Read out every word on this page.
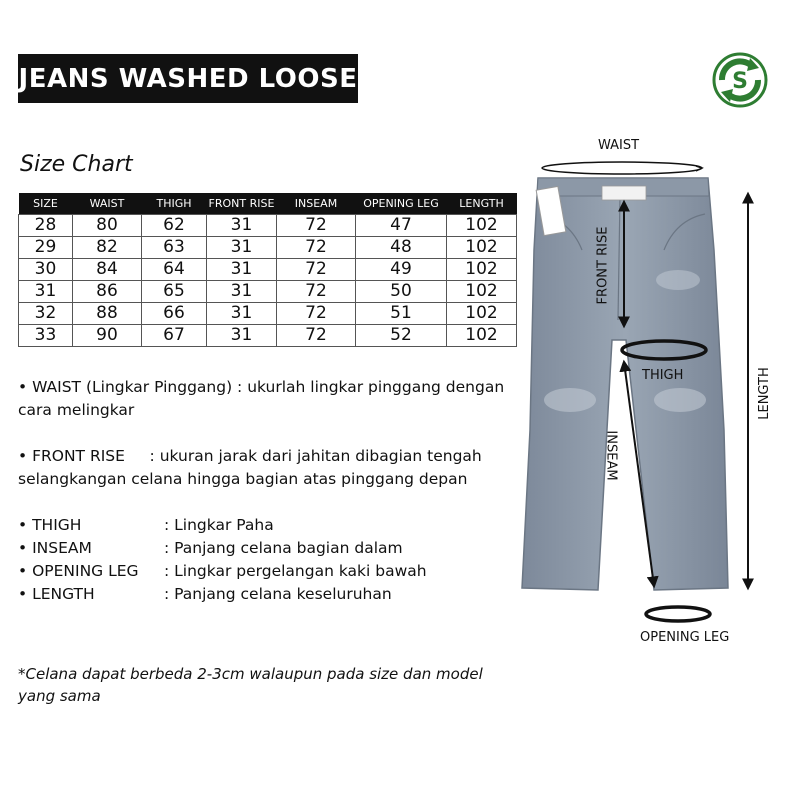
JEANS WASHED LOOSE	S
Size Chart
SIZE	WAIST	THIGH	FRONT RISE	INSEAM	OPENING LEG	LENGTH
28	80	62	31	72	47	102
29	82	63	31	72	48	102
30	84	64	31	72	49	102
31	86	65	31	72	50	102
32	88	66	31	72	51	102
33	90	67	31	72	52	102

• WAIST (Lingkar Pinggang) : ukurlah lingkar pinggang dengan cara melingkar

• FRONT RISE     : ukuran jarak dari jahitan dibagian tengah selangkangan celana hingga bagian atas pinggang depan

• THIGH	: Lingkar Paha
• INSEAM	: Panjang celana bagian dalam
• OPENING LEG	: Lingkar pergelangan kaki bawah
• LENGTH	: Panjang celana keseluruhan
*Celana dapat berbeda 2-3cm walaupun pada size dan model yang sama
WAIST
FRONT RISE
THIGH
INSEAM
LENGTH
OPENING LEG
